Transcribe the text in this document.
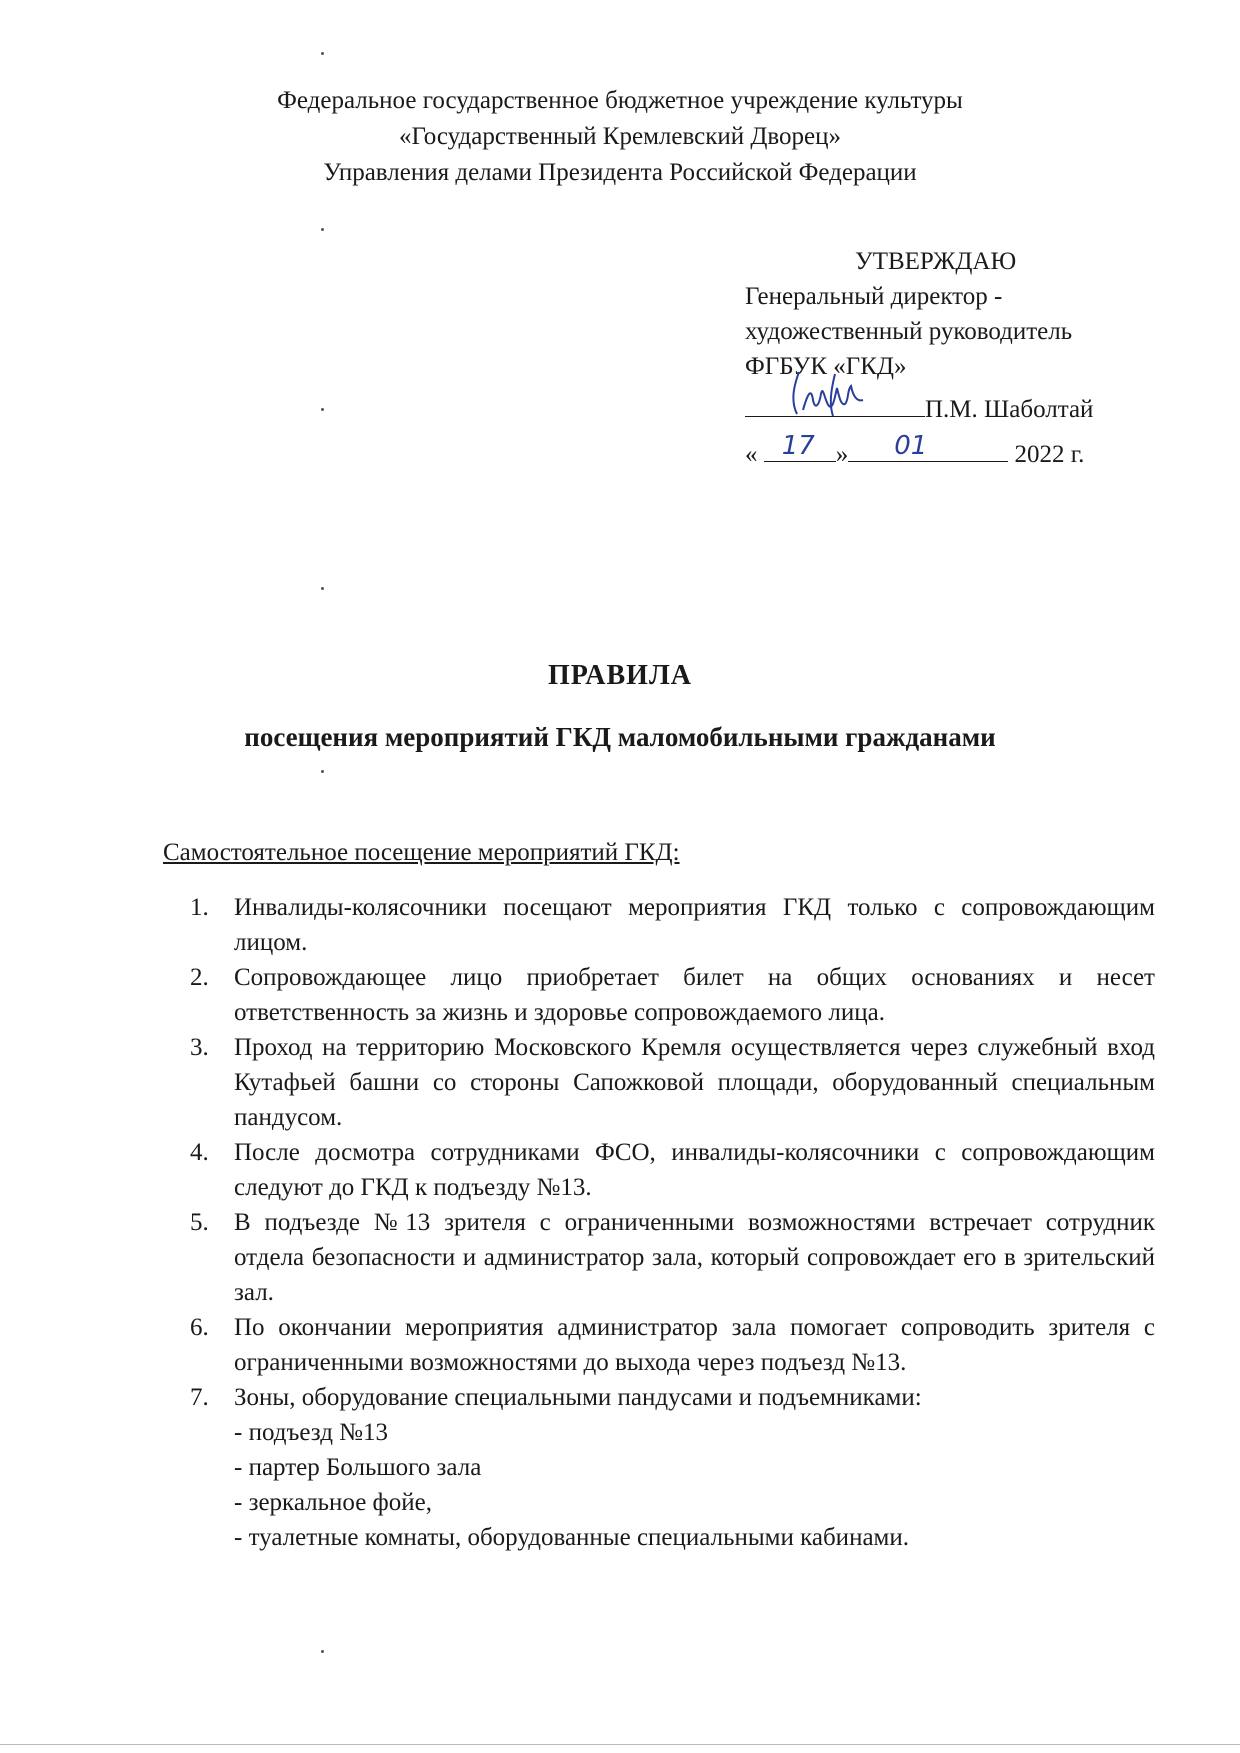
Федеральное государственное бюджетное учреждение культуры
«Государственный Кремлевский Дворец»
Управления делами Президента Российской Федерации
УТВЕРЖДАЮ
Генеральный директор -
художественный руководитель
ФГБУК «ГКД»
П.М. Шаболтай
« 17 » 01	2022 г.
ПРАВИЛА
посещения мероприятий ГКД маломобильными гражданами
Самостоятельное посещение мероприятий ГКД:
1.	Инвалиды-колясочники посещают мероприятия ГКД только с сопровождающим лицом.
2.	Сопровождающее лицо приобретает билет на общих основаниях и несет ответственность за жизнь и здоровье сопровождаемого лица.
3.	Проход на территорию Московского Кремля осуществляется через служебный вход Кутафьей башни со стороны Сапожковой площади, оборудованный специальным пандусом.
4.	После досмотра сотрудниками ФСО, инвалиды-колясочники с сопровождающим следуют до ГКД к подъезду №13.
5.	В подъезде №13 зрителя с ограниченными возможностями встречает сотрудник отдела безопасности и администратор зала, который сопровождает его в зрительский зал.
6.	По окончании мероприятия администратор зала помогает сопроводить зрителя с ограниченными возможностями до выхода через подъезд №13.
7.	Зоны, оборудование специальными пандусами и подъемниками:
- подъезд №13
- партер Большого зала
- зеркальное фойе,
- туалетные комнаты, оборудованные специальными кабинами.
